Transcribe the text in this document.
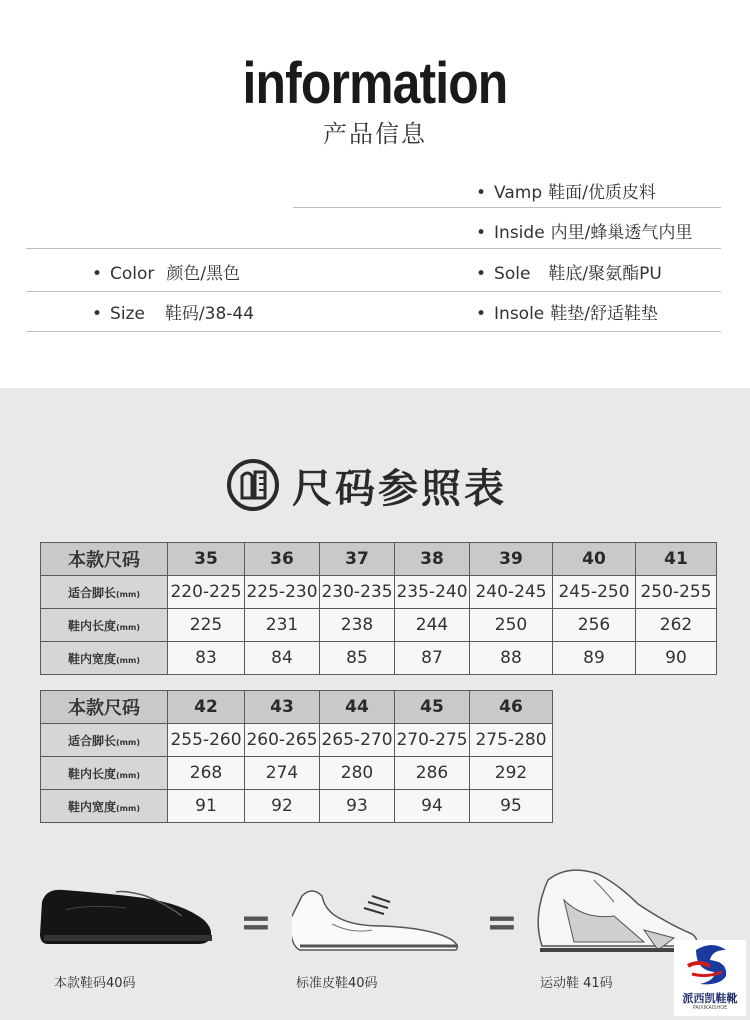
information
产品信息
• Vamp 鞋面/优质皮料
• Inside 内里/蜂巢透气内里
• Color 颜色/黑色	• Sole 鞋底/聚氨酯PU
• Size 鞋码/38-44	• Insole 鞋垫/舒适鞋垫
尺码参照表
本款尺码	35	36	37	38	39	40	41
适合脚长(mm)	220-225	225-230	230-235	235-240	240-245	245-250	250-255
鞋内长度(mm)	225	231	238	244	250	256	262
鞋内宽度(mm)	83	84	85	87	88	89	90
本款尺码	42	43	44	45	46
适合脚长(mm)	255-260	260-265	265-270	270-275	275-280
鞋内长度(mm)	268	274	280	286	292
鞋内宽度(mm)	91	92	93	94	95
本款鞋码40码
=
标准皮鞋40码
=
运动鞋 41码
派西凯鞋靴
PAIXIKAISHOE
